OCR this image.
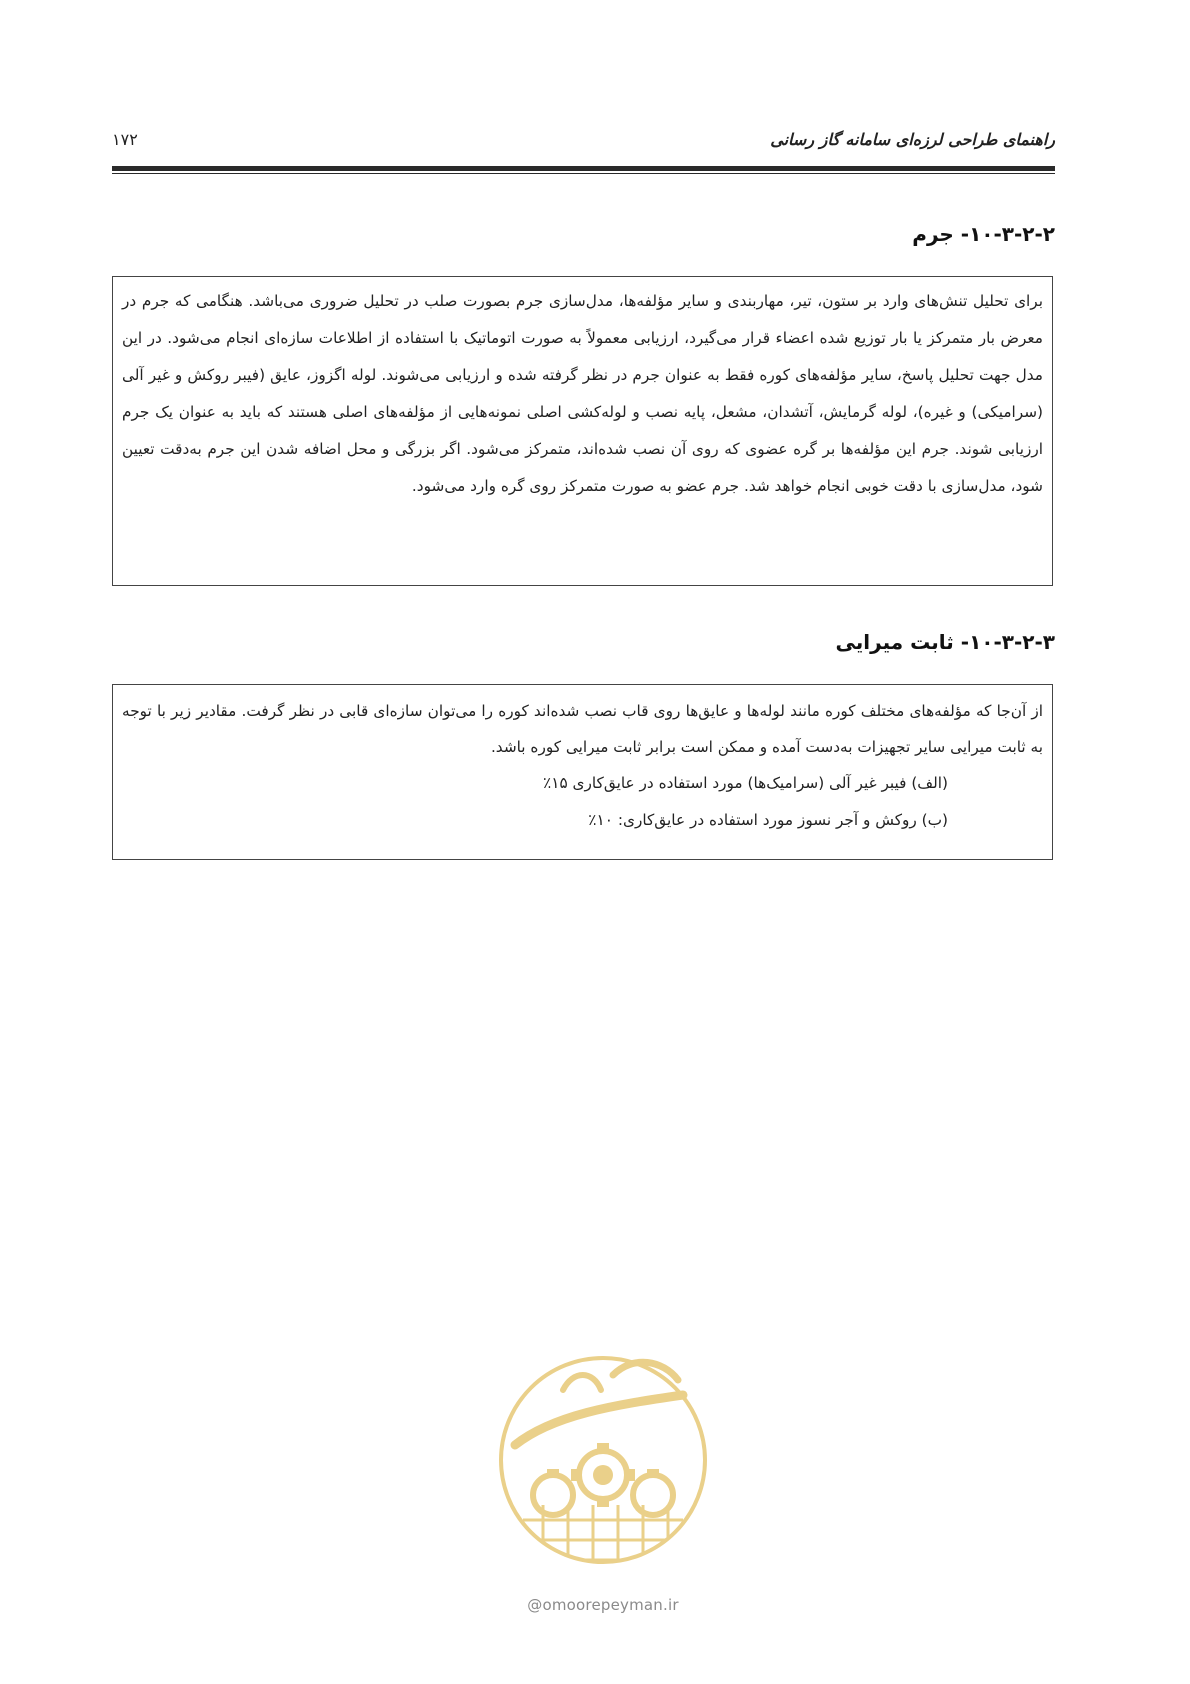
راهنمای طراحی لرزه‌ای سامانه گاز رسانی
۱۷۲
۱۰-۳-۲-۲- جرم

برای تحلیل تنش‌های وارد بر ستون، تیر، مهاربندی و سایر مؤلفه‌ها، مدل‌سازی جرم بصورت صلب در تحلیل ضروری می‌باشد. هنگامی که جرم در معرض بار متمرکز یا بار توزیع شده اعضاء قرار می‌گیرد، ارزیابی معمولاً به صورت اتوماتیک با استفاده از اطلاعات سازه‌ای انجام می‌شود. در این مدل جهت تحلیل پاسخ، سایر مؤلفه‌های کوره فقط به عنوان جرم در نظر گرفته شده و ارزیابی می‌شوند. لوله اگزوز، عایق (فیبر روکش و غیر آلی (سرامیکی) و غیره)، لوله گرمایش، آتشدان، مشعل، پایه نصب و لوله‌کشی اصلی نمونه‌هایی از مؤلفه‌های اصلی هستند که باید به عنوان یک جرم ارزیابی شوند. جرم این مؤلفه‌ها بر گره عضوی که روی آن نصب شده‌اند، متمرکز می‌شود. اگر بزرگی و محل اضافه شدن این جرم به‌دقت تعیین شود، مدل‌سازی با دقت خوبی انجام خواهد شد. جرم عضو به صورت متمرکز روی گره وارد می‌شود.

۱۰-۳-۲-۳- ثابت میرایی

از آن‌جا که مؤلفه‌های مختلف کوره مانند لوله‌ها و عایق‌ها روی قاب نصب شده‌اند کوره را می‌توان سازه‌ای قابی در نظر گرفت. مقادیر زیر با توجه به ثابت میرایی سایر تجهیزات به‌دست آمده و ممکن است برابر ثابت میرایی کوره باشد.

(الف) فیبر غیر آلی (سرامیک‌ها) مورد استفاده در عایق‌کاری ۱۵٪
(ب) روکش و آجر نسوز مورد استفاده در عایق‌کاری: ۱۰٪
@omoorepeyman.ir
